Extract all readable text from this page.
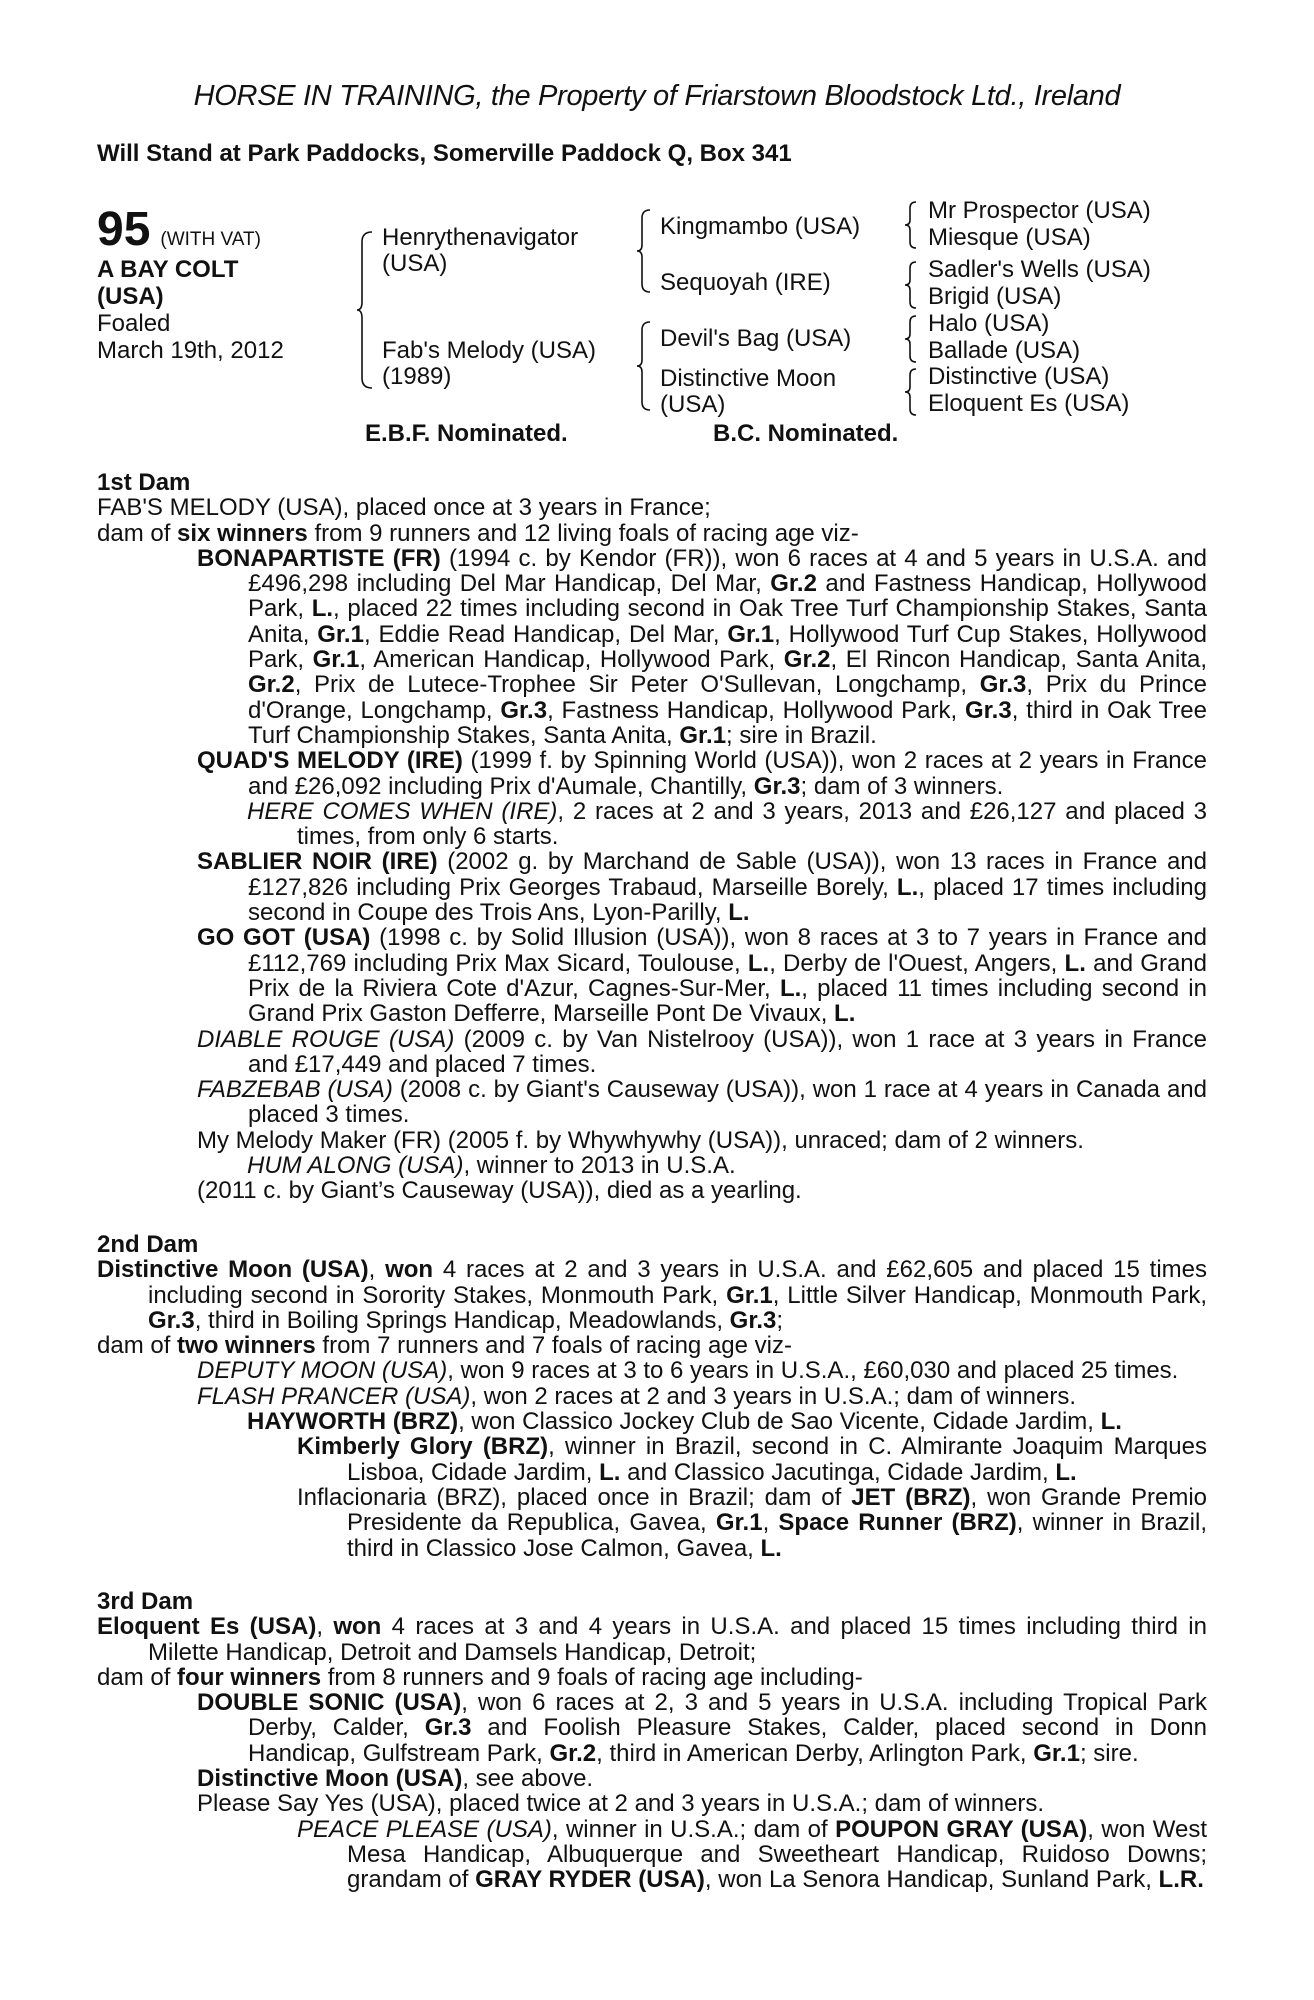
HORSE IN TRAINING, the Property of Friarstown Bloodstock Ltd., Ireland
Will Stand at Park Paddocks, Somerville Paddock Q, Box 341
95 (WITH VAT)
A BAY COLT
(USA)
Foaled
March 19th, 2012
Henrythenavigator
(USA)
Fab's Melody (USA)
(1989)
Kingmambo (USA)
Sequoyah (IRE)
Devil's Bag (USA)
Distinctive Moon
(USA)
Mr Prospector (USA)
Miesque (USA)
Sadler's Wells (USA)
Brigid (USA)
Halo (USA)
Ballade (USA)
Distinctive (USA)
Eloquent Es (USA)
E.B.F. Nominated.	B.C. Nominated.

1st Dam

FAB'S MELODY (USA), placed once at 3 years in France;

dam of six winners from 9 runners and 12 living foals of racing age viz-

BONAPARTISTE (FR) (1994 c. by Kendor (FR)), won 6 races at 4 and 5 years in U.S.A. and £496,298 including Del Mar Handicap, Del Mar, Gr.2 and Fastness Handicap, Hollywood Park, L., placed 22 times including second in Oak Tree Turf Championship Stakes, Santa Anita, Gr.1, Eddie Read Handicap, Del Mar, Gr.1, Hollywood Turf Cup Stakes, Hollywood Park, Gr.1, American Handicap, Hollywood Park, Gr.2, El Rincon Handicap, Santa Anita, Gr.2, Prix de Lutece-Trophee Sir Peter O'Sullevan, Longchamp, Gr.3, Prix du Prince d'Orange, Longchamp, Gr.3, Fastness Handicap, Hollywood Park, Gr.3, third in Oak Tree Turf Championship Stakes, Santa Anita, Gr.1; sire in Brazil.

QUAD'S MELODY (IRE) (1999 f. by Spinning World (USA)), won 2 races at 2 years in France and £26,092 including Prix d'Aumale, Chantilly, Gr.3; dam of 3 winners.

HERE COMES WHEN (IRE), 2 races at 2 and 3 years, 2013 and £26,127 and placed 3 times, from only 6 starts.

SABLIER NOIR (IRE) (2002 g. by Marchand de Sable (USA)), won 13 races in France and £127,826 including Prix Georges Trabaud, Marseille Borely, L., placed 17 times including second in Coupe des Trois Ans, Lyon-Parilly, L.

GO GOT (USA) (1998 c. by Solid Illusion (USA)), won 8 races at 3 to 7 years in France and £112,769 including Prix Max Sicard, Toulouse, L., Derby de l'Ouest, Angers, L. and Grand Prix de la Riviera Cote d'Azur, Cagnes-Sur-Mer, L., placed 11 times including second in Grand Prix Gaston Defferre, Marseille Pont De Vivaux, L.

DIABLE ROUGE (USA) (2009 c. by Van Nistelrooy (USA)), won 1 race at 3 years in France and £17,449 and placed 7 times.

FABZEBAB (USA) (2008 c. by Giant's Causeway (USA)), won 1 race at 4 years in Canada and placed 3 times.

My Melody Maker (FR) (2005 f. by Whywhywhy (USA)), unraced; dam of 2 winners.

HUM ALONG (USA), winner to 2013 in U.S.A.

(2011 c. by Giant’s Causeway (USA)), died as a yearling.

2nd Dam

Distinctive Moon (USA), won 4 races at 2 and 3 years in U.S.A. and £62,605 and placed 15 times including second in Sorority Stakes, Monmouth Park, Gr.1, Little Silver Handicap, Monmouth Park, Gr.3, third in Boiling Springs Handicap, Meadowlands, Gr.3;

dam of two winners from 7 runners and 7 foals of racing age viz-

DEPUTY MOON (USA), won 9 races at 3 to 6 years in U.S.A., £60,030 and placed 25 times.

FLASH PRANCER (USA), won 2 races at 2 and 3 years in U.S.A.; dam of winners.

HAYWORTH (BRZ), won Classico Jockey Club de Sao Vicente, Cidade Jardim, L.

Kimberly Glory (BRZ), winner in Brazil, second in C. Almirante Joaquim Marques Lisboa, Cidade Jardim, L. and Classico Jacutinga, Cidade Jardim, L.

Inflacionaria (BRZ), placed once in Brazil; dam of JET (BRZ), won Grande Premio Presidente da Republica, Gavea, Gr.1, Space Runner (BRZ), winner in Brazil, third in Classico Jose Calmon, Gavea, L.

3rd Dam

Eloquent Es (USA), won 4 races at 3 and 4 years in U.S.A. and placed 15 times including third in Milette Handicap, Detroit and Damsels Handicap, Detroit;

dam of four winners from 8 runners and 9 foals of racing age including-

DOUBLE SONIC (USA), won 6 races at 2, 3 and 5 years in U.S.A. including Tropical Park Derby, Calder, Gr.3 and Foolish Pleasure Stakes, Calder, placed second in Donn Handicap, Gulfstream Park, Gr.2, third in American Derby, Arlington Park, Gr.1; sire.

Distinctive Moon (USA), see above.

Please Say Yes (USA), placed twice at 2 and 3 years in U.S.A.; dam of winners.

PEACE PLEASE (USA), winner in U.S.A.; dam of POUPON GRAY (USA), won West Mesa Handicap, Albuquerque and Sweetheart Handicap, Ruidoso Downs; grandam of GRAY RYDER (USA), won La Senora Handicap, Sunland Park, L.R.
